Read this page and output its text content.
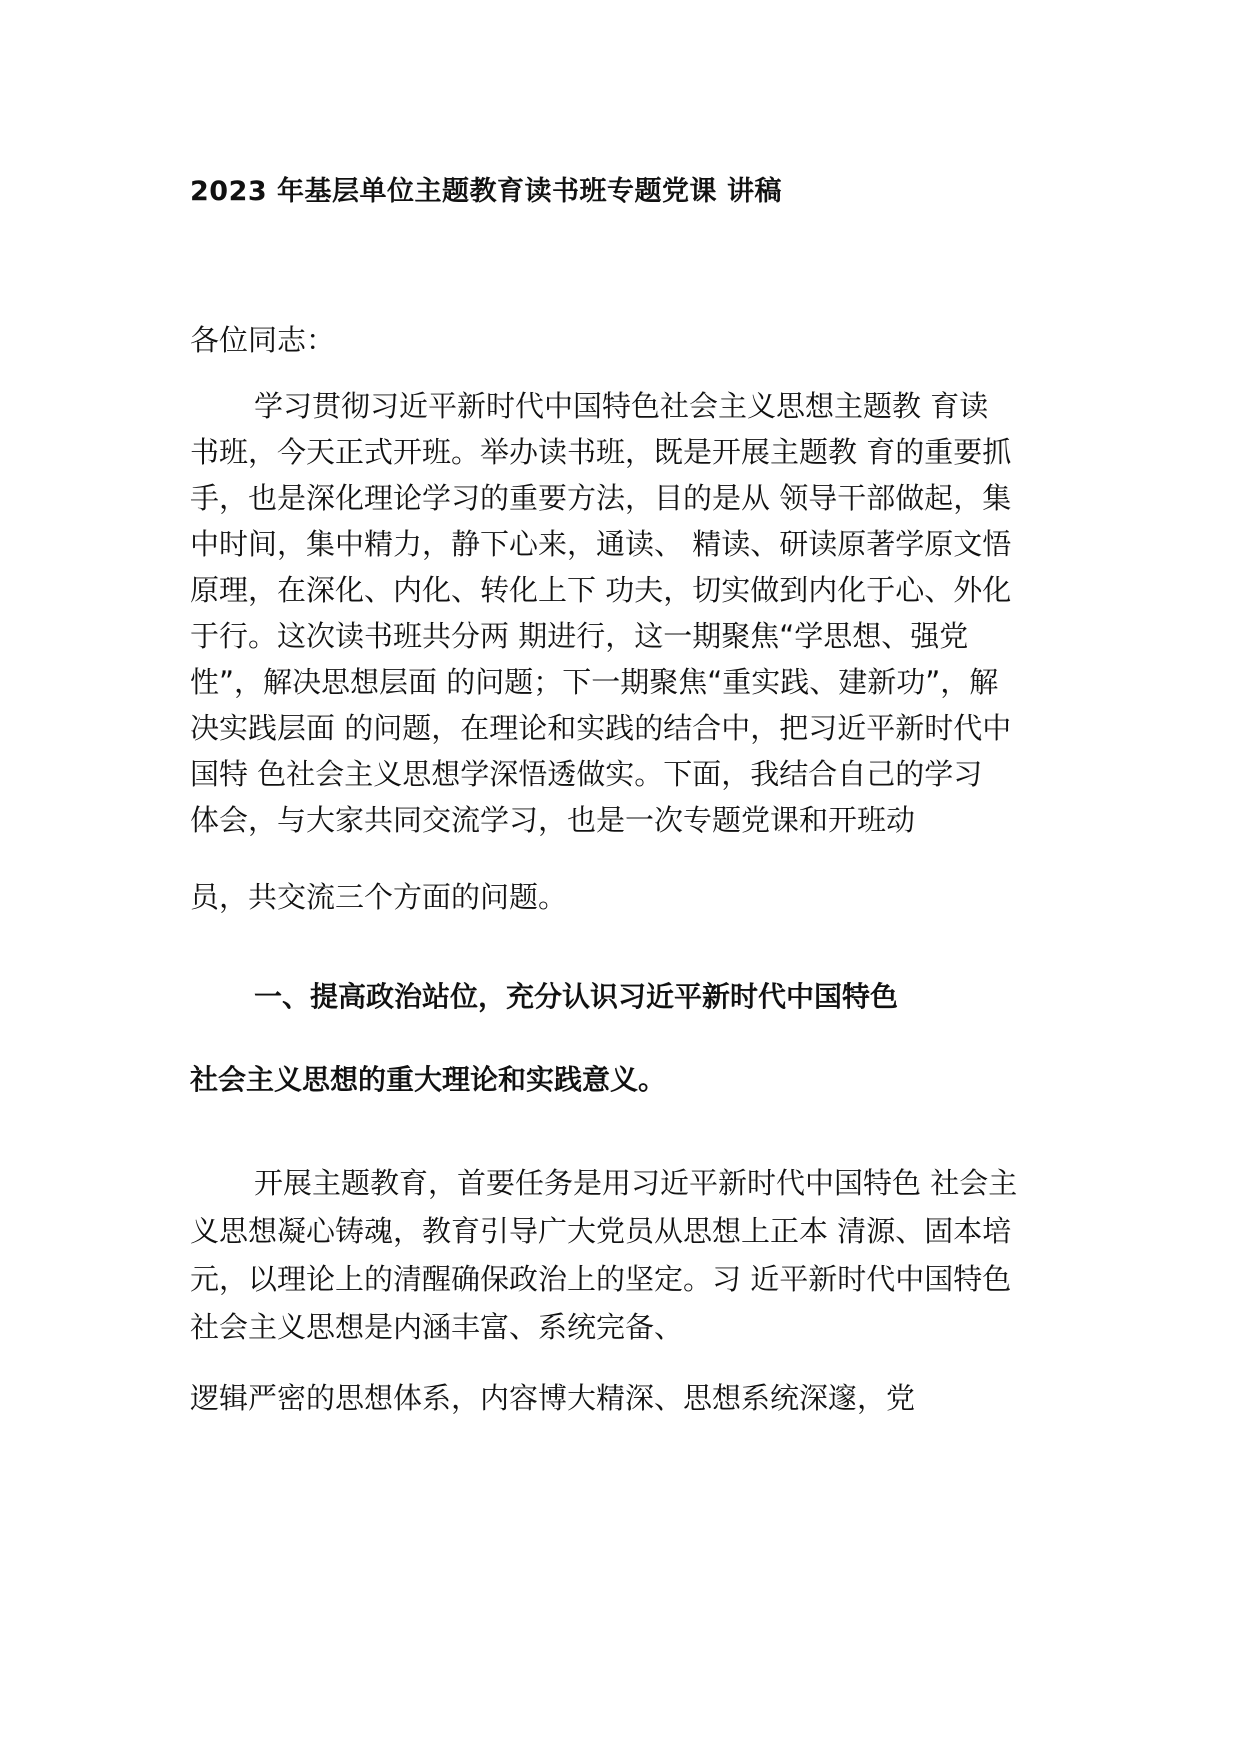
2023 年基层单位主题教育读书班专题党课 讲稿
各位同志：
学习贯彻习近平新时代中国特色社会主义思想主题教 育读
书班，今天正式开班。举办读书班，既是开展主题教 育的重要抓
手，也是深化理论学习的重要方法，目的是从 领导干部做起，集
中时间，集中精力，静下心来，通读、 精读、研读原著学原文悟
原理，在深化、内化、转化上下 功夫，切实做到内化于心、外化
于行。这次读书班共分两 期进行，这一期聚焦“学思想、强党
性”，解决思想层面 的问题；下一期聚焦“重实践、建新功”，解
决实践层面 的问题，在理论和实践的结合中，把习近平新时代中
国特 色社会主义思想学深悟透做实。下面，我结合自己的学习
体会，与大家共同交流学习，也是一次专题党课和开班动
员，共交流三个方面的问题。
一、提高政治站位，充分认识习近平新时代中国特色
社会主义思想的重大理论和实践意义。
开展主题教育，首要任务是用习近平新时代中国特色 社会主
义思想凝心铸魂，教育引导广大党员从思想上正本 清源、固本培
元，以理论上的清醒确保政治上的坚定。习 近平新时代中国特色
社会主义思想是内涵丰富、系统完备、
逻辑严密的思想体系，内容博大精深、思想系统深邃，党
